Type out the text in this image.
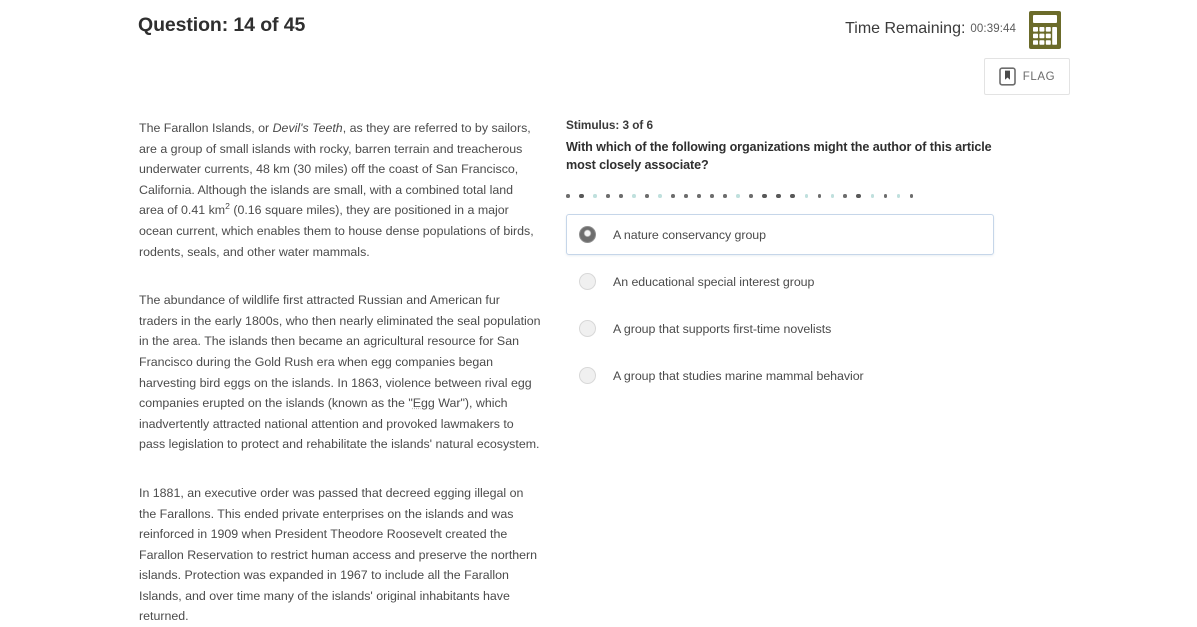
Question: 14 of 45	Time Remaining: 00:39:44
FLAG

The Farallon Islands, or Devil's Teeth, as they are referred to by sailors, are a group of small islands with rocky, barren terrain and treacherous underwater currents, 48 km (30 miles) off the coast of San Francisco, California. Although the islands are small, with a combined total land area of 0.41 $km^2$ (0.16 square miles), they are positioned in a major ocean current, which enables them to house dense populations of birds, rodents, seals, and other water mammals.

The abundance of wildlife first attracted Russian and American fur traders in the early 1800s, who then nearly eliminated the seal population in the area. The islands then became an agricultural resource for San Francisco during the Gold Rush era when egg companies began harvesting bird eggs on the islands. In 1863, violence between rival egg companies erupted on the islands (known as the "Egg War"), which inadvertently attracted national attention and provoked lawmakers to pass legislation to protect and rehabilitate the islands' natural ecosystem.

In 1881, an executive order was passed that decreed egging illegal on the Farallons. This ended private enterprises on the islands and was reinforced in 1909 when President Theodore Roosevelt created the Farallon Reservation to restrict human access and preserve the northern islands. Protection was expanded in 1967 to include all the Farallon Islands, and over time many of the islands' original inhabitants have returned.

Stimulus: 3 of 6
With which of the following organizations might the author of this article most closely associate?
A nature conservancy group
An educational special interest group
A group that supports first-time novelists
A group that studies marine mammal behavior
